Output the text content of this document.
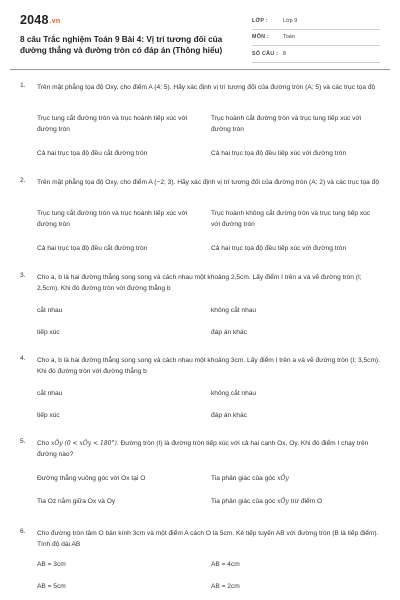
2048.vn
8 câu Trắc nghiệm Toán 9 Bài 4: Vị trí tương đối của đường thẳng và đường tròn có đáp án (Thông hiểu)
LỚP :	Lớp 9
MÔN :	Toán
SỐ CÂU : 8
1. Trên mặt phẳng tọa độ Oxy, cho điểm A (4; 5). Hãy xác định vị trí tương đối của đường tròn (A; 5) và các trục tọa độ
Trục tung cắt đường tròn và trục hoành tiếp xúc với đường tròn
Trục hoành cắt đường tròn và trục tung tiếp xúc với đường tròn
Cả hai trục tọa độ đều cắt đường tròn	Cả hai trục tọa độ đều tiếp xúc với đường tròn
2. Trên mặt phẳng tọa độ Oxy, cho điểm A (−2; 3). Hãy xác định vị trí tương đối của đường tròn (A; 2) và các trục tọa độ
Trục tung cắt đường tròn và trục hoành tiếp xúc với đường tròn
Trục hoành không cắt đường tròn và trục tung tiếp xúc với đường tròn
Cả hai trục tọa độ đều cắt đường tròn	Cả hai trục tọa độ đều tiếp xúc với đường tròn
3. Cho a, b là hai đường thẳng song song và cách nhau một khoảng 2,5cm. Lấy điểm I trên a và vẽ đường tròn (I; 2,5cm). Khi đó đường tròn với đường thẳng b
cắt nhau	không cắt nhau
tiếp xúc	đáp án khác
4. Cho a, b là hai đường thẳng song song và cách nhau một khoảng 3cm. Lấy điểm I trên a và vẽ đường tròn (I; 3,5cm). Khi đó đường tròn với đường thẳng b
cắt nhau	không cắt nhau
tiếp xúc	đáp án khác
5. Cho xÔy (0 < xÔy < 180°). Đường tròn (I) là đường tròn tiếp xúc với cả hai cạnh Ox, Oy. Khi đó điểm I chạy trên đường nào?
Đường thẳng vuông góc với Ox tại O	Tia phân giác của góc xÔy
Tia Oz nằm giữa Ox và Oy	Tia phân giác của góc xÔy trừ điểm O
6. Cho đường tròn tâm O bán kính 3cm và một điểm A cách O là 5cm. Kẻ tiếp tuyến AB với đường tròn (B là tiếp điểm). Tính độ dài AB
AB = 3cm	AB = 4cm
AB = 5cm	AB = 2cm
